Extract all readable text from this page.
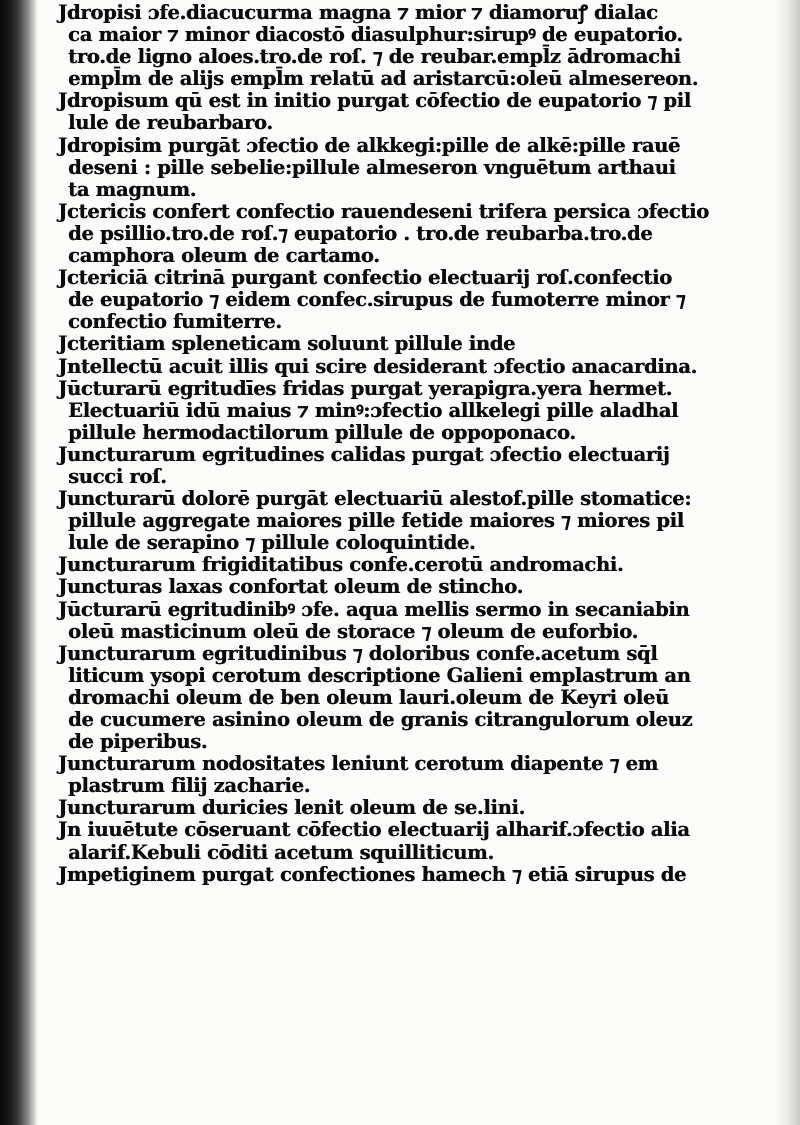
Jdropisi ɔfe.diacucurma magna ⁊ mior ⁊ diamoruꝭ dialac
ca maior ⁊ minor diacostō diasulphur:sirupꝰ de eupatorio.
tro.de ligno aloes.tro.de roſ. ⁊ de reubar.empl̄z ādromachi
empl̄m de alijs empl̄m relatū ad aristarcū:oleū almesereon.
Jdropisum qū est in initio purgat cōfectio de eupatorio ⁊ pil
lule de reubarbaro.
Jdropisim purgāt ɔfectio de alkkegi:pille de alkē:pille rauē
deseni : pille sebelie:pillule almeseron vnguētum arthaui
ta magnum.
Jctericis confert confectio rauendeseni trifera persica ɔfectio
de psillio.tro.de roſ.⁊ eupatorio . tro.de reubarba.tro.de
camphora oleum de cartamo.
Jctericiā citrinā purgant confectio electuarij roſ.confectio
de eupatorio ⁊ eidem confec.sirupus de fumoterre minor ⁊
confectio fumiterre.
Jcteritiam spleneticam soluunt pillule inde
Jntellectū acuit illis qui scire desiderant ɔfectio anacardina.
Jūcturarū egritudīes fridas purgat yerapigra.yera hermet.
Electuariū idū maius ⁊ minꝰ:ɔfectio allkelegi pille aladhal
pillule hermodactilorum pillule de oppoponaco.
Juncturarum egritudines calidas purgat ɔfectio electuarij
succi roſ.
Juncturarū dolorē purgāt electuariū alestof.pille stomatice:
pillule aggregate maiores pille fetide maiores ⁊ miores pil
lule de serapino ⁊ pillule coloquintide.
Juncturarum frigiditatibus confe.cerotū andromachi.
Juncturas laxas confortat oleum de stincho.
Jūcturarū egritudinibꝰ ɔfe. aqua mellis sermo in secaniabin
oleū masticinum oleū de storace ⁊ oleum de euforbio.
Juncturarum egritudinibus ⁊ doloribus confe.acetum sq̄l
liticum ysopi cerotum descriptione Galieni emplastrum an
dromachi oleum de ben oleum lauri.oleum de Keyri oleū
de cucumere asinino oleum de granis citrangulorum oleuz
de piperibus.
Juncturarum nodositates leniunt cerotum diapente ⁊ em
plastrum filij zacharie.
Juncturarum duricies lenit oleum de se.lini.
Jn iuuētute cōseruant cōfectio electuarij alharif.ɔfectio alia
alarif.Kebuli cōditi acetum squilliticum.
Jmpetiginem purgat confectiones hamech ⁊ etiā sirupus de
